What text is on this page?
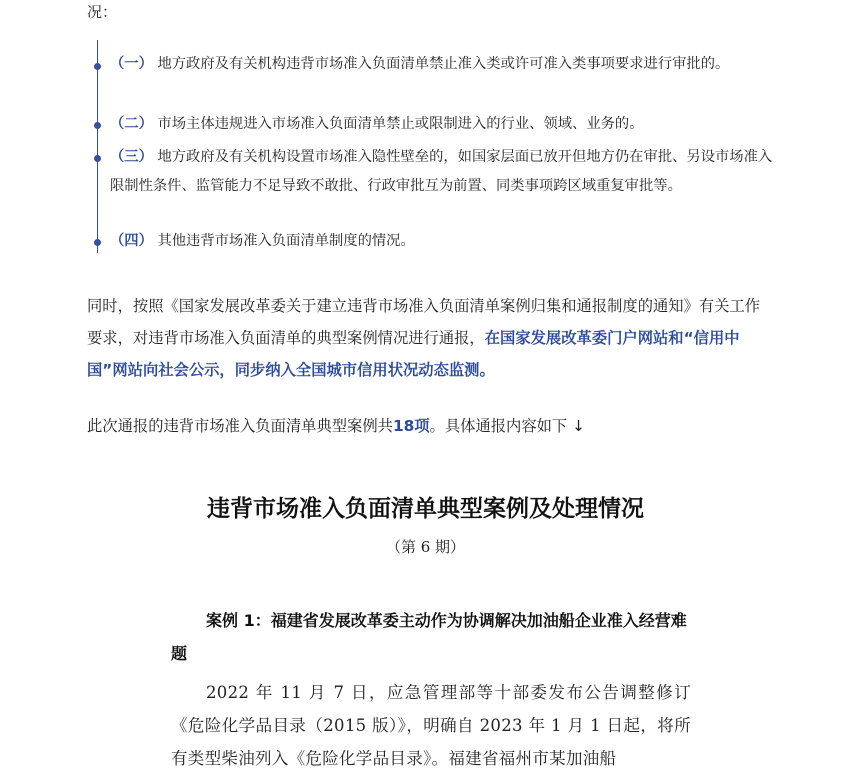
况：
（一） 地方政府及有关机构违背市场准入负面清单禁止准入类或许可准入类事项要求进行审批的。
（二） 市场主体违规进入市场准入负面清单禁止或限制进入的行业、领域、业务的。
（三） 地方政府及有关机构设置市场准入隐性壁垒的，如国家层面已放开但地方仍在审批、另设市场准入限制性条件、监管能力不足导致不敢批、行政审批互为前置、同类事项跨区域重复审批等。
（四） 其他违背市场准入负面清单制度的情况。
同时，按照《国家发展改革委关于建立违背市场准入负面清单案例归集和通报制度的通知》有关工作要求，对违背市场准入负面清单的典型案例情况进行通报，在国家发展改革委门户网站和“信用中国”网站向社会公示，同步纳入全国城市信用状况动态监测。
此次通报的违背市场准入负面清单典型案例共18项。具体通报内容如下 ↓
违背市场准入负面清单典型案例及处理情况
（第 6 期）
案例 1：福建省发展改革委主动作为协调解决加油船企业准入经营难题
2022 年 11 月 7 日，应急管理部等十部委发布公告调整修订《危险化学品目录（2015 版）》，明确自 2023 年 1 月 1 日起，将所有类型柴油列入《危险化学品目录》。福建省福州市某加油船
